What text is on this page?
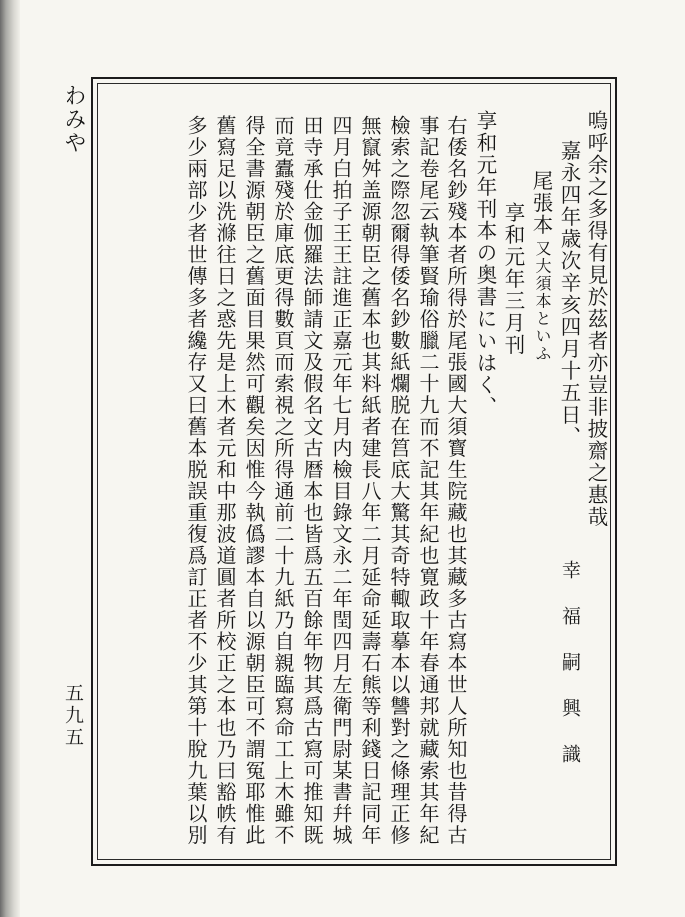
わみや
五九五
嗚呼余之多得有見於茲者亦豈非披齋之惠哉
嘉永四年歳次辛亥四月十五日、
尾張本
享和元年三月刊 又大須本といふ
享和元年刊本の奥書にいはく、
右倭名鈔殘本者所得於尾張國大須寳生院藏也其藏多古寫本世人所知也昔得古
事記卷尾云執筆賢瑜俗臘二十九而不記其年紀也寛政十年春通邦就藏索其年紀
檢索之際忽爾得倭名鈔數紙爛脱在筥底大驚其奇特輙取摹本以讐對之條理正修
無竄舛盖源朝臣之舊本也其料紙者建長八年二月延命延壽石熊等利錢日記同年
四月白拍子王王註進正嘉元年七月内檢目錄文永二年閏四月左衛門尉某書幷城
田寺承仕金伽羅法師請文及假名文古暦本也皆爲五百餘年物其爲古寫可推知既
而竟蠹殘於庫底更得數頁而索視之所得通前二十九紙乃自親臨寫命工上木雖不
得全書源朝臣之舊面目果然可觀矣因惟今執僞謬本自以源朝臣可不謂冤耶惟此
舊寫足以洗滌往日之惑先是上木者元和中那波道圓者所校正之本也乃曰豁帙有
多少兩部少者世傳多者纔存又曰舊本脱誤重復爲訂正者不少其第十脫九葉以別	幸福嗣興識
